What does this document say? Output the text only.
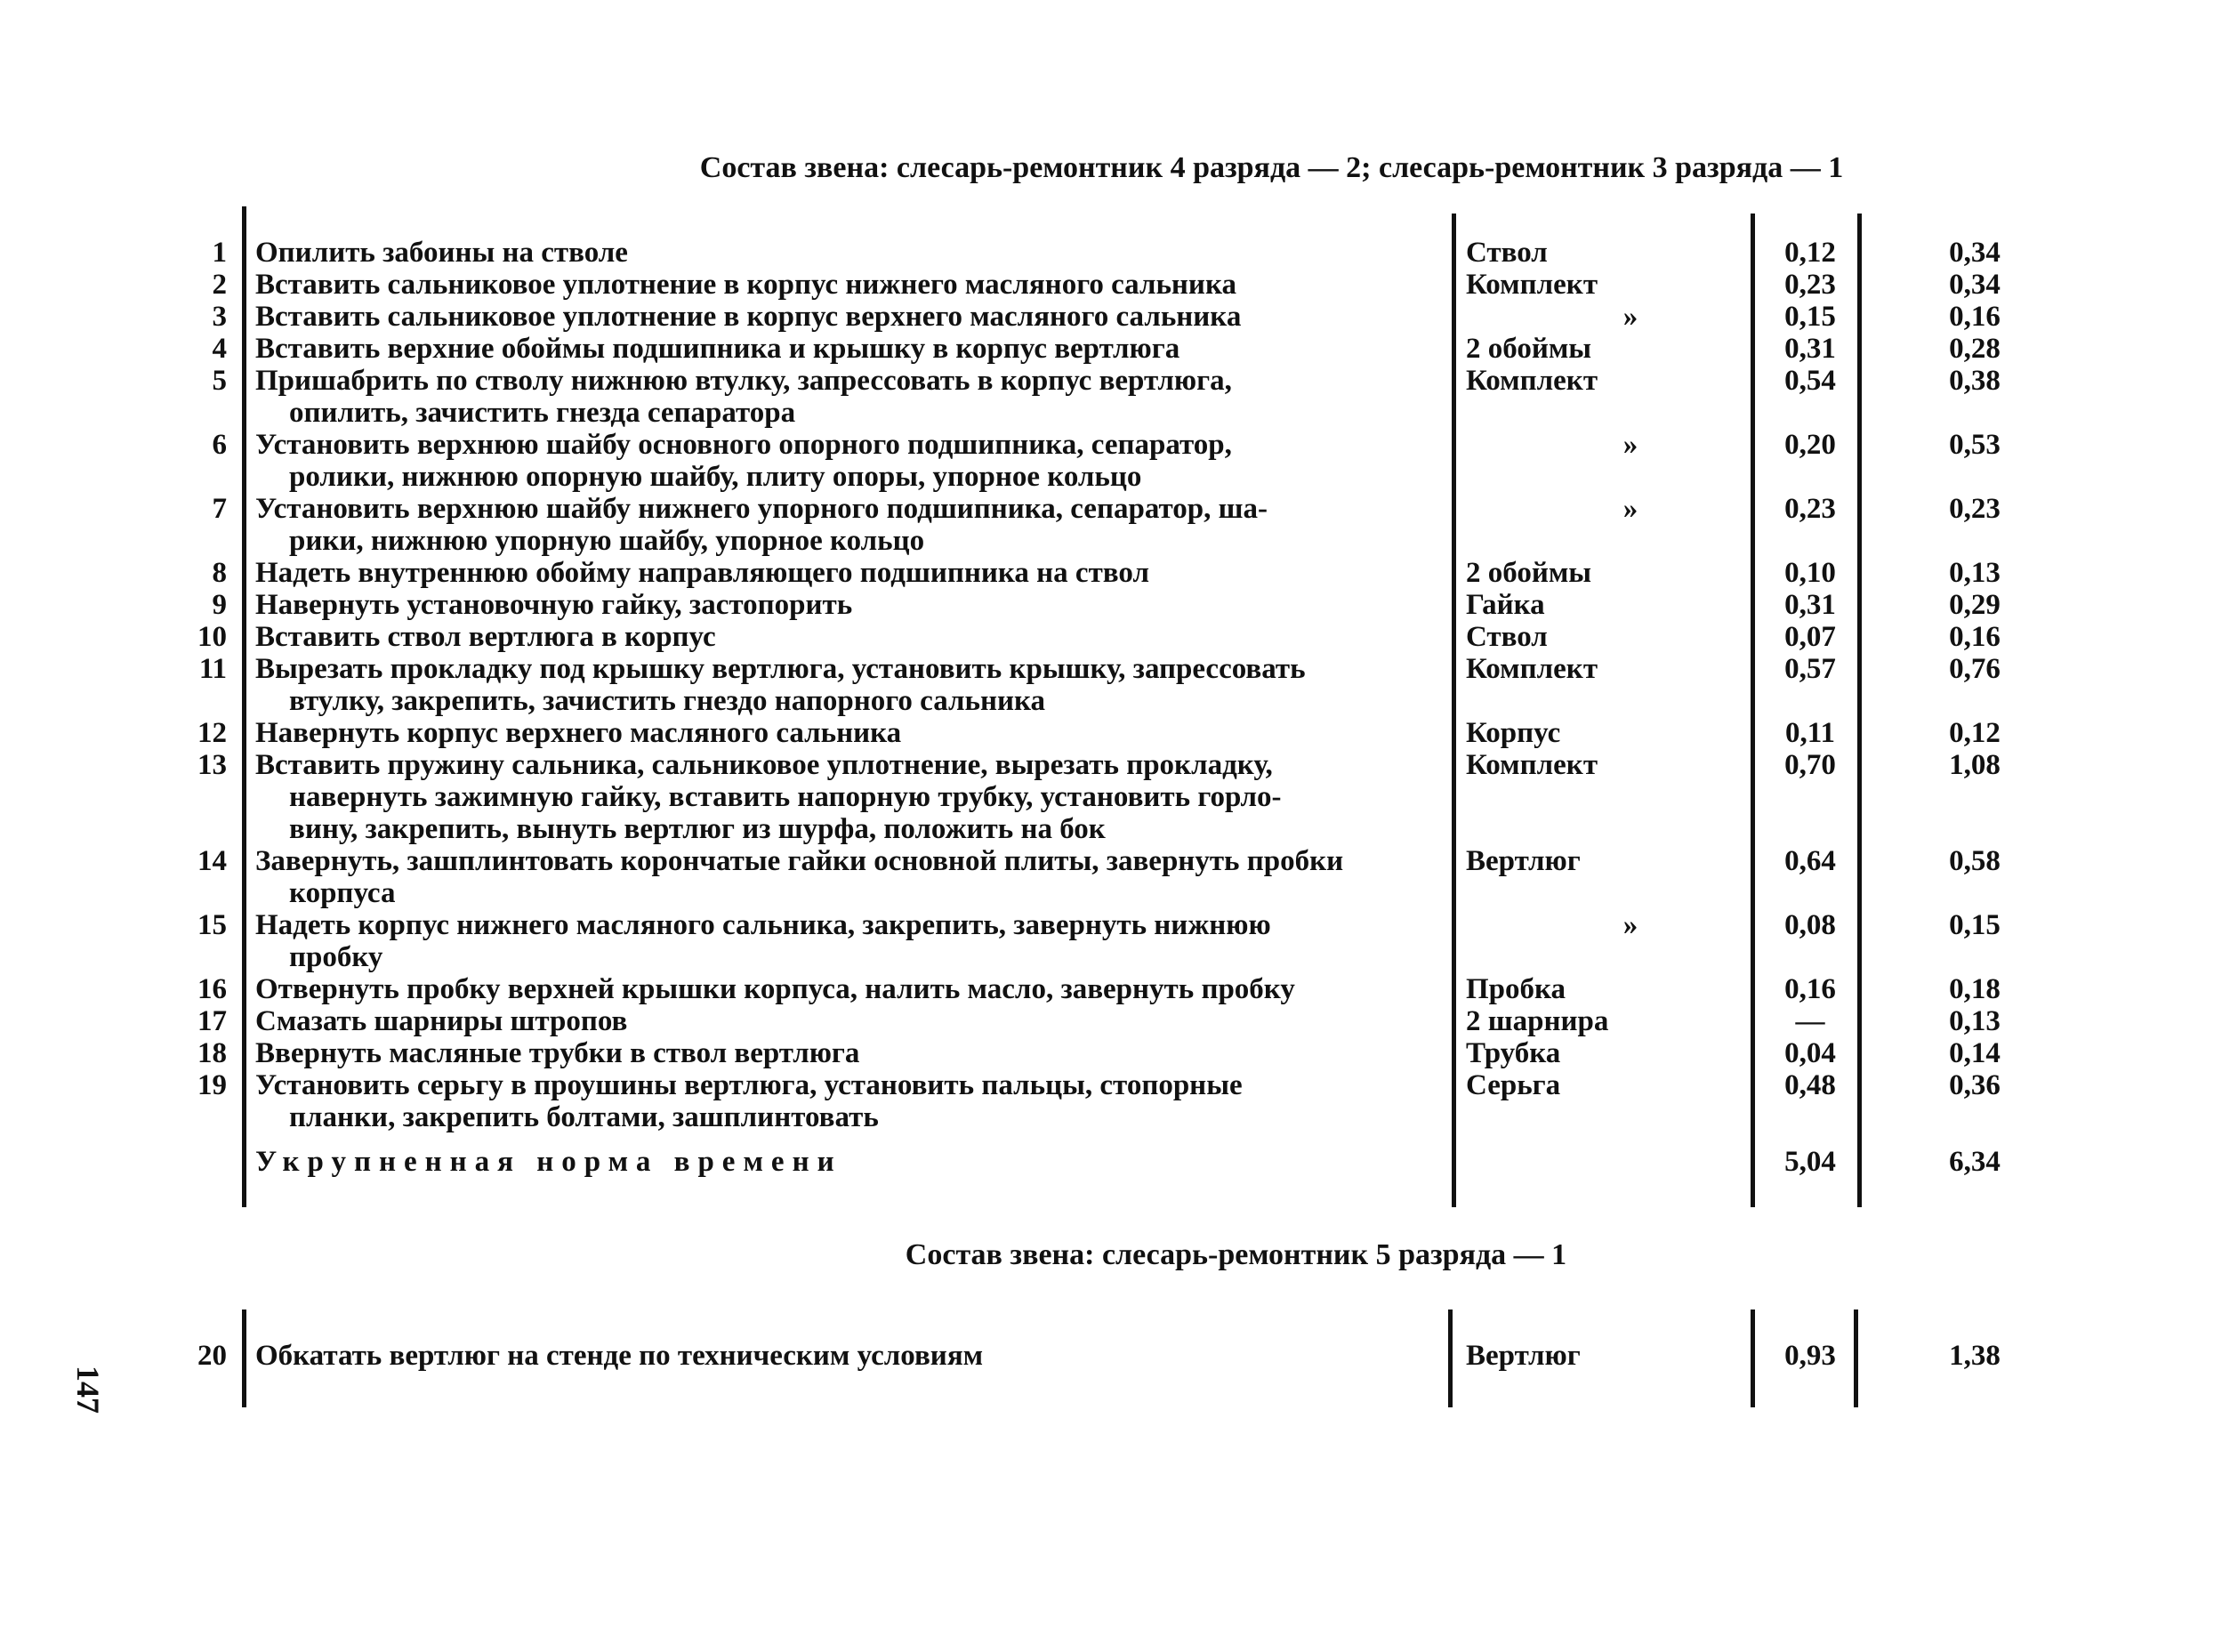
Состав звена: слесарь-ремонтник 4 разряда — 2; слесарь-ремонтник 3 разряда — 1
1 Опилить забоины на стволе	Ствол	0,12	0,34
2 Вставить сальниковое уплотнение в корпус нижнего масляного сальника	Комплект	0,23	0,34
3 Вставить сальниковое уплотнение в корпус верхнего масляного сальника	»	0,15	0,16
4 Вставить верхние обоймы подшипника и крышку в корпус вертлюга	2 обоймы	0,31	0,28
5 Пришабрить по стволу нижнюю втулку, запрессовать в корпус вертлюга,
опилить, зачистить гнезда сепаратора
Комплект	0,54	0,38
6 Установить верхнюю шайбу основного опорного подшипника, сепаратор,
ролики, нижнюю опорную шайбу, плиту опоры, упорное кольцо
»	0,20	0,53
7 Установить верхнюю шайбу нижнего упорного подшипника, сепаратор, ша-
рики, нижнюю упорную шайбу, упорное кольцо
»	0,23	0,23
8 Надеть внутреннюю обойму направляющего подшипника на ствол	2 обоймы	0,10	0,13
9 Навернуть установочную гайку, застопорить	Гайка	0,31	0,29
10 Вставить ствол вертлюга в корпус	Ствол	0,07	0,16
11 Вырезать прокладку под крышку вертлюга, установить крышку, запрессовать
втулку, закрепить, зачистить гнездо напорного сальника
Комплект	0,57	0,76
12 Навернуть корпус верхнего масляного сальника	Корпус	0,11	0,12
13 Вставить пружину сальника, сальниковое уплотнение, вырезать прокладку,
навернуть зажимную гайку, вставить напорную трубку, установить горло-
вину, закрепить, вынуть вертлюг из шурфа, положить на бок
Комплект	0,70	1,08
14 Завернуть, зашплинтовать корончатые гайки основной плиты, завернуть пробки
корпуса
Вертлюг	0,64	0,58
15 Надеть корпус нижнего масляного сальника, закрепить, завернуть нижнюю
пробку
»	0,08	0,15
16 Отвернуть пробку верхней крышки корпуса, налить масло, завернуть пробку	Пробка	0,16	0,18
17 Смазать шарниры штропов	2 шарнира	—	0,13
18 Ввернуть масляные трубки в ствол вертлюга	Трубка	0,04	0,14
19 Установить серьгу в проушины вертлюга, установить пальцы, стопорные
планки, закрепить болтами, зашплинтовать
Серьга	0,48	0,36
Укрупненная норма времени	5,04	6,34
Состав звена: слесарь-ремонтник 5 разряда — 1
20 Обкатать вертлюг на стенде по техническим условиям	Вертлюг	0,93	1,38
147
